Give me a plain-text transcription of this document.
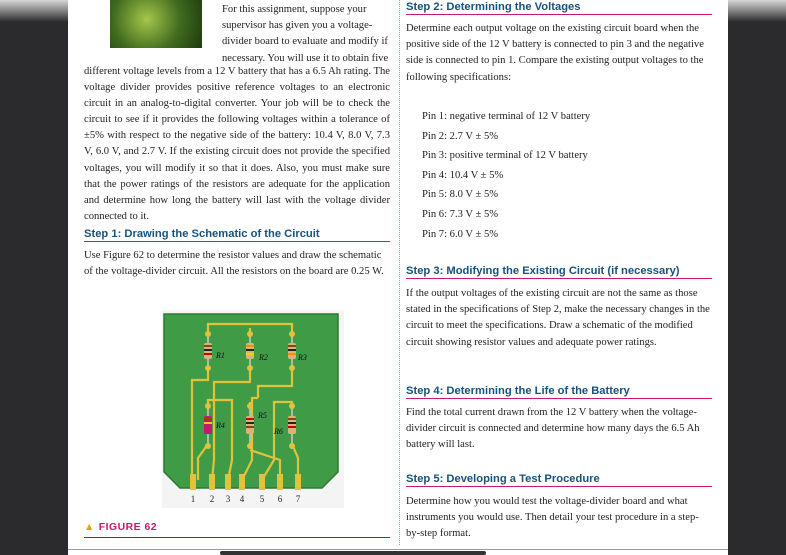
For this assignment, suppose your supervisor has given you a voltage-divider board to evaluate and modify if necessary. You will use it to obtain five
different voltage levels from a 12 V battery that has a 6.5 Ah rating. The voltage divider provides positive reference voltages to an electronic circuit in an analog-to-digital converter. Your job will be to check the circuit to see if it provides the following voltages within a tolerance of ±5% with respect to the negative side of the battery: 10.4 V, 8.0 V, 7.3 V, 6.0 V, and 2.7 V. If the existing circuit does not provide the specified voltages, you will modify it so that it does. Also, you must make sure that the power ratings of the resistors are adequate for the application and determine how long the battery will last with the voltage divider connected to it.
Step 1: Drawing the Schematic of the Circuit
Use Figure 62 to determine the resistor values and draw the schematic of the voltage-divider circuit. All the resistors on the board are 0.25 W.
R1	R2	R3
R4
R5
R6
1 2 3 4 5 6 7
▲ FIGURE 62
Step 2: Determining the Voltages
Determine each output voltage on the existing circuit board when the positive side of the 12 V battery is connected to pin 3 and the negative side is connected to pin 1. Compare the existing output voltages to the following specifications:
Pin 1: negative terminal of 12 V battery
Pin 2: 2.7 V ± 5%
Pin 3: positive terminal of 12 V battery
Pin 4: 10.4 V ± 5%
Pin 5: 8.0 V ± 5%
Pin 6: 7.3 V ± 5%
Pin 7: 6.0 V ± 5%
Step 3: Modifying the Existing Circuit (if necessary)
If the output voltages of the existing circuit are not the same as those stated in the specifications of Step 2, make the necessary changes in the circuit to meet the specifications. Draw a schematic of the modified circuit showing resistor values and adequate power ratings.
Step 4: Determining the Life of the Battery
Find the total current drawn from the 12 V battery when the voltage-divider circuit is connected and determine how many days the 6.5 Ah battery will last.
Step 5: Developing a Test Procedure
Determine how you would test the voltage-divider board and what instruments you would use. Then detail your test procedure in a step-by-step format.
